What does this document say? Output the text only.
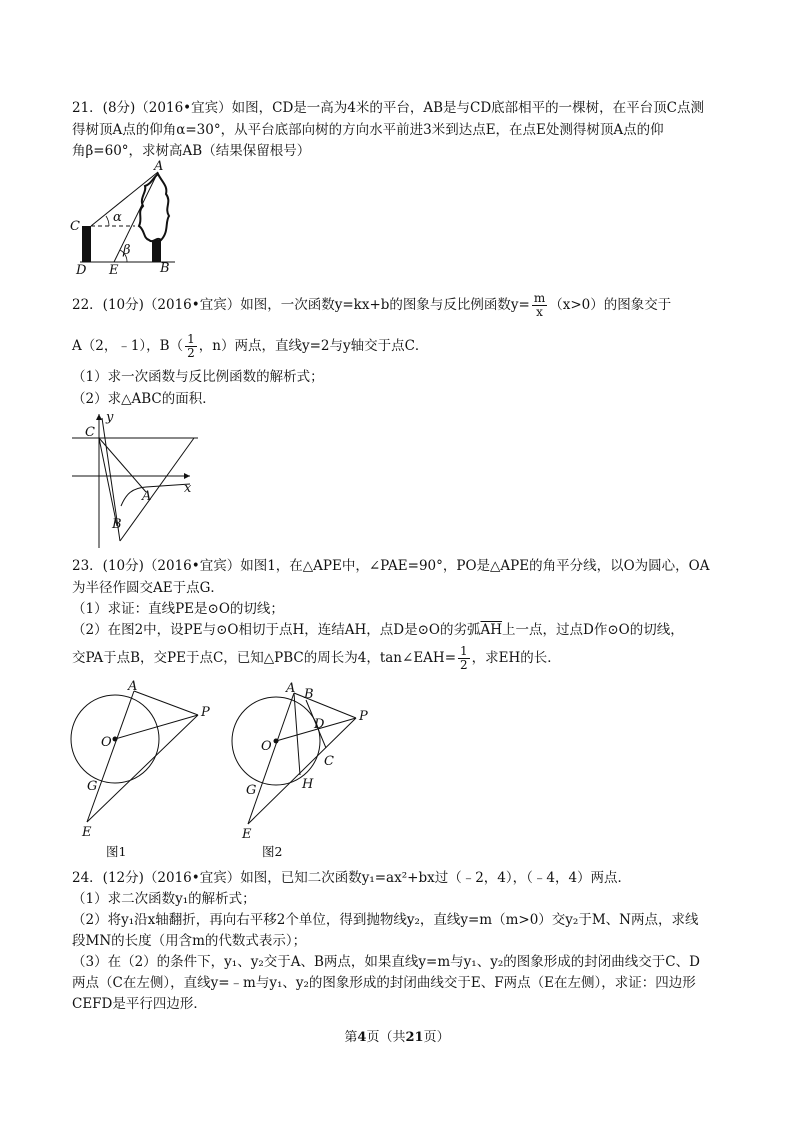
21．(8分)（2016•宜宾）如图，CD是一高为4米的平台，AB是与CD底部相平的一棵树，在平台顶C点测
得树顶A点的仰角α=30°，从平台底部向树的方向水平前进3米到达点E，在点E处测得树顶A点的仰
角β=60°，求树高AB（结果保留根号）
A
C
α
β
D E	B
22．(10分)（2016•宜宾）如图，一次函数y=kx+b的图象与反比例函数$y= \frac{m}{x} (x>0)$的图象交于
A（2，﹣1），$B( \frac{1}{2}$ ，n）两点，直线y=2与y轴交于点C．
（1）求一次函数与反比例函数的解析式；
（2）求△ABC的面积．
y
C
x
A
B
23．(10分)（2016•宜宾）如图1，在△APE中，∠PAE=90°，PO是△APE的角平分线，以O为圆心，OA
为半径作圆交AE于点G．
（1）求证：直线PE是⊙O的切线；
（2）在图2中，设PE与⊙O相切于点H，连结AH，点D是⊙O的劣弧$\overline{AH}$上一点，过点D作⊙O的切线，
交PA于点B，交PE于点C，已知△PBC的周长为4，tan∠EAH= $\frac{1}{2}$ ，求EH的长．
A
P
O
G
E
图1
A B
P
D
O
C
H
G
E
图2
24．(12分)（2016•宜宾）如图，已知二次函数y₁=ax²+bx过（﹣2，4），（﹣4，4）两点．
（1）求二次函数y₁的解析式；
（2）将y₁沿x轴翻折，再向右平移2个单位，得到抛物线y₂，直线y=m（m>0）交y₂于M、N两点，求线
段MN的长度（用含m的代数式表示）；
（3）在（2）的条件下，y₁、y₂交于A、B两点，如果直线y=m与y₁、y₂的图象形成的封闭曲线交于C、D
两点（C在左侧），直线y=﹣m与y₁、y₂的图象形成的封闭曲线交于E、F两点（E在左侧），求证：四边形
CEFD是平行四边形．
第4页（共21页）
